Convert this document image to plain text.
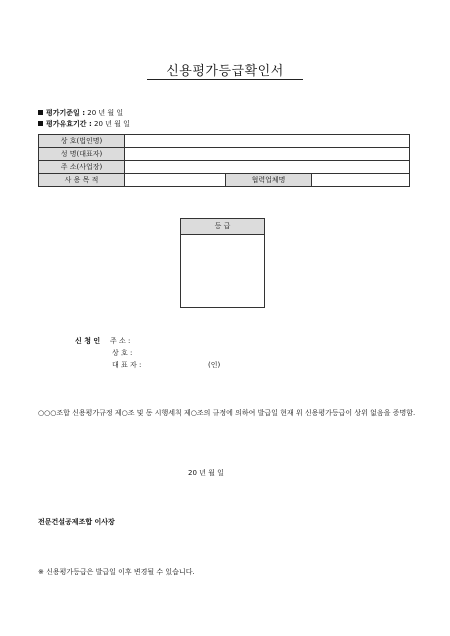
신용평가등급확인서
평가기준일 : 20 년 월 일
평가유효기간 : 20 년 월 일
상 호(법인명)			
성 명(대표자)			
주 소(사업장)			
사 용 목 적		협력업체명	
등 급
신 청 인 주 소 :
상 호 :
대 표 자 :	(인)
○○○조합 신용평가규정 제○조 및 동 시행세칙 제○조의 규정에 의하여 발급일 현재 위 신용평가등급이 상위 없음을 증명함.
20 년 월 일
전문건설공제조합 이사장
※ 신용평가등급은 발급일 이후 변경될 수 있습니다.
